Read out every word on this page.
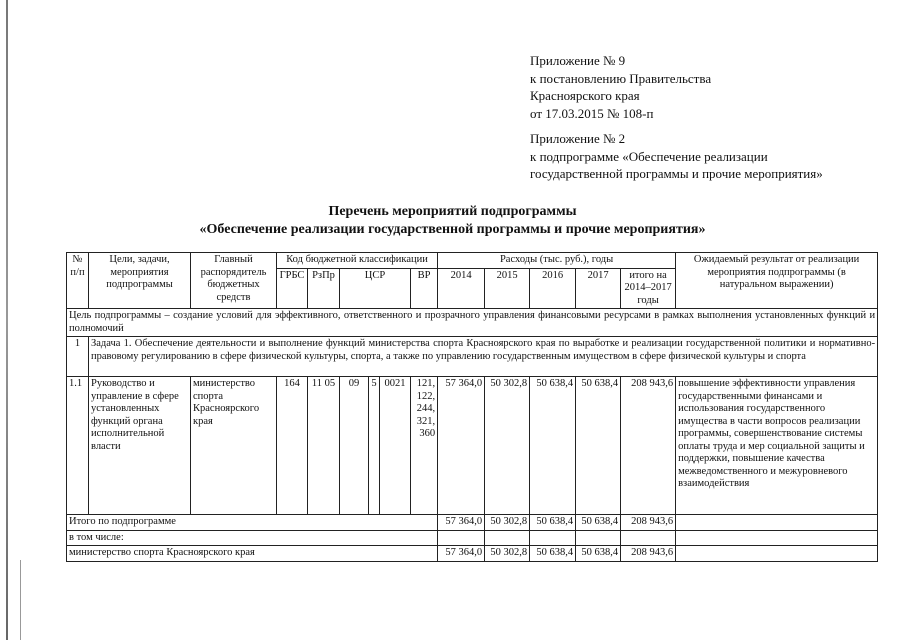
Приложение № 9
к постановлению Правительства
Красноярского края
от 17.03.2015 № 108-п
Приложение № 2
к подпрограмме «Обеспечение реализации
государственной программы и прочие мероприятия»
Перечень мероприятий подпрограммы
«Обеспечение реализации государственной программы и прочие мероприятия»
№ п/п	Цели, задачи, мероприятия подпрограммы	Главный распорядитель бюджетных средств	Код бюджетной классификации						Расходы (тыс. руб.), годы					Ожидаемый результат от реализации мероприятия подпрограммы (в натуральном выражении)
			ГРБС	РзПр	ЦСР			ВР	2014	2015	2016	2017	итого на 2014–2017 годы	
Цель подпрограммы – создание условий для эффективного, ответственного и прозрачного управления финансовыми ресурсами в рамках выполнения установленных функций и полномочий														
1	Задача 1. Обеспечение деятельности и выполнение функций министерства спорта Красноярского края по выработке и реализации государственной политики и нормативно-правовому регулированию в сфере физической культуры, спорта, а также по управлению государственным имуществом в сфере физической культуры и спорта													
1.1	Руководство и управление в сфере установленных функций органа исполнительной власти	министерство спорта Красноярского края	164	11 05	09	5	0021	121, 122, 244, 321, 360	57 364,0	50 302,8	50 638,4	50 638,4	208 943,6	повышение эффективности управления государственными финансами и использования государственного имущества в части вопросов реализации программы, совершенствование системы оплаты труда и мер социальной защиты и поддержки, повышение качества межведомственного и межуровневого взаимодействия
Итого по подпрограмме									57 364,0	50 302,8	50 638,4	50 638,4	208 943,6	
в том числе:														
министерство спорта Красноярского края									57 364,0	50 302,8	50 638,4	50 638,4	208 943,6	
